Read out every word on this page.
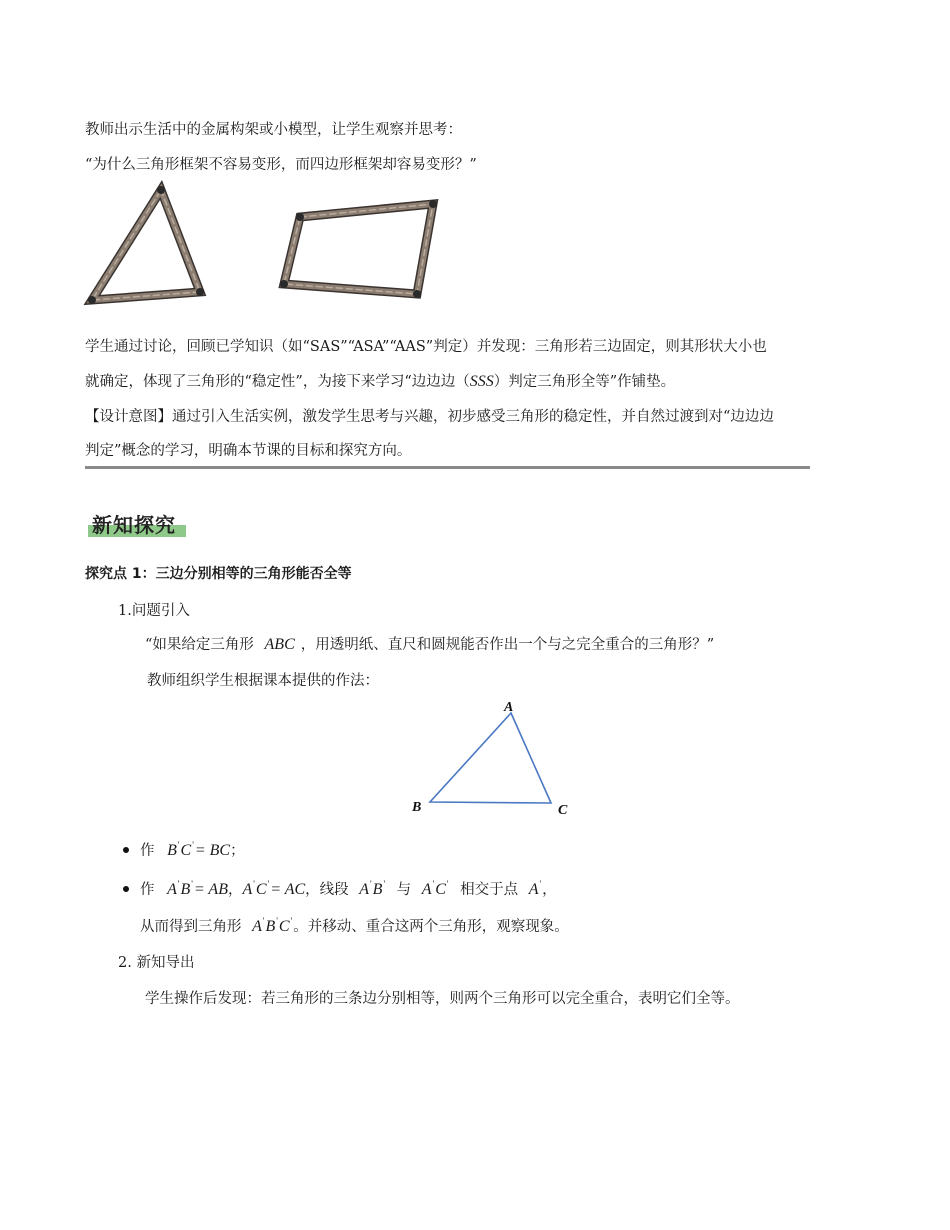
教师出示生活中的金属构架或小模型，让学生观察并思考：
“为什么三角形框架不容易变形，而四边形框架却容易变形？”
学生通过讨论，回顾已学知识（如“SAS”“ASA”“AAS”判定）并发现：三角形若三边固定，则其形状大小也
就确定，体现了三角形的“稳定性”，为接下来学习“边边边（SSS）判定三角形全等”作铺垫。
【设计意图】通过引入生活实例，激发学生思考与兴趣，初步感受三角形的稳定性，并自然过渡到对“边边边
判定”概念的学习，明确本节课的目标和探究方向。
新知探究
探究点 1：三边分别相等的三角形能否全等
1.问题引入
“如果给定三角形 ABC ，用透明纸、直尺和圆规能否作出一个与之完全重合的三角形？”
教师组织学生根据课本提供的作法：
A
B	C
作 B'C'= BC；
作 A'B'= AB，A'C'= AC，线段 A'B' 与 A'C' 相交于点 A'，
从而得到三角形 A'B'C'。并移动、重合这两个三角形，观察现象。
2. 新知导出
学生操作后发现：若三角形的三条边分别相等，则两个三角形可以完全重合，表明它们全等。
